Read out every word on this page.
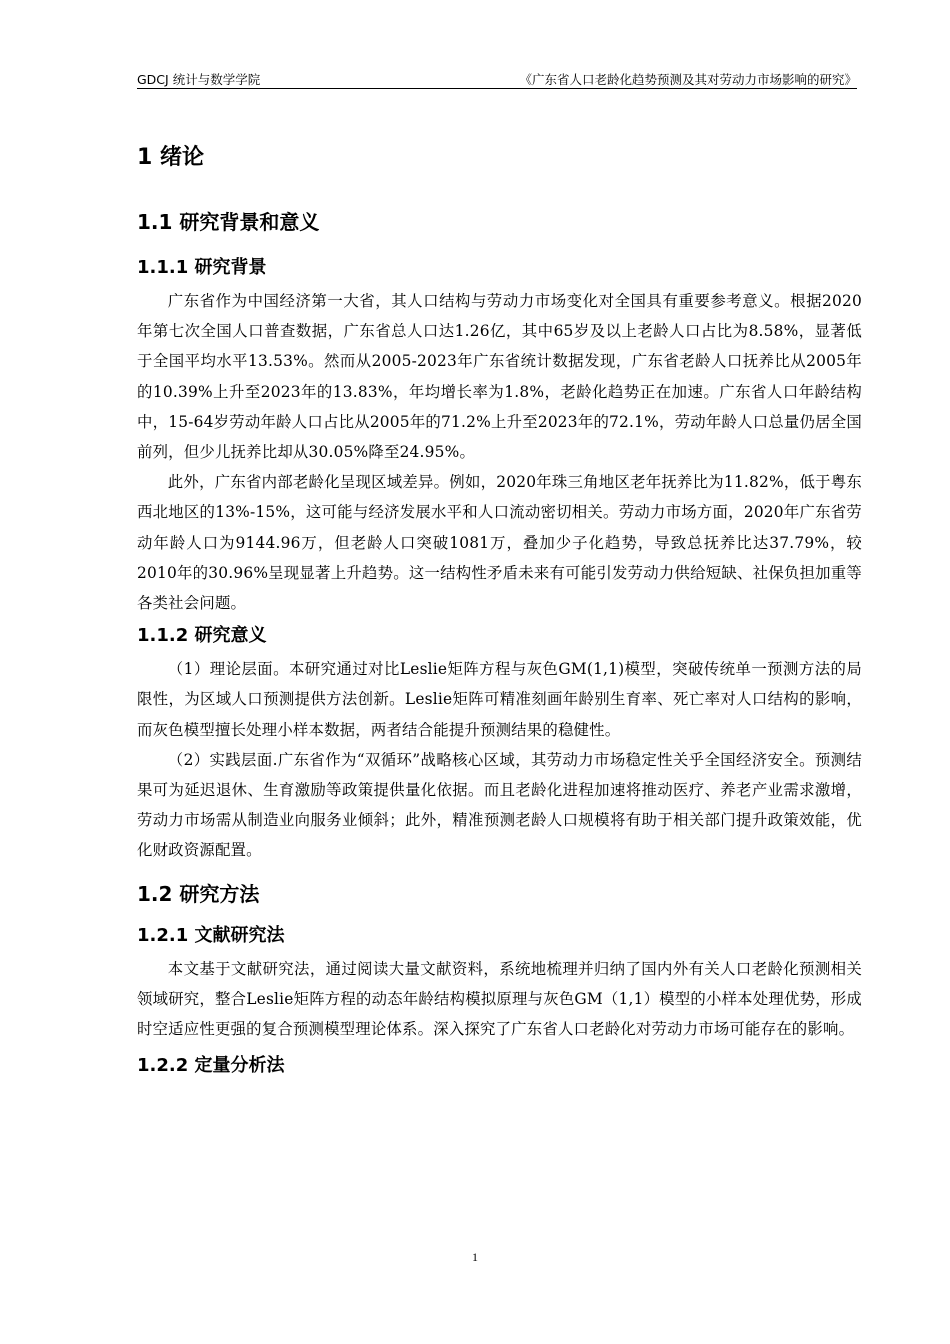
GDCJ 统计与数学学院	《广东省人口老龄化趋势预测及其对劳动力市场影响的研究》
1 绪论
1.1 研究背景和意义
1.1.1 研究背景

广东省作为中国经济第一大省，其人口结构与劳动力市场变化对全国具有重要参考意义。根据2020年第七次全国人口普查数据，广东省总人口达1.26亿，其中65岁及以上老龄人口占比为8.58%，显著低于全国平均水平13.53%。然而从2005-2023年广东省统计数据发现，广东省老龄人口抚养比从2005年的10.39%上升至2023年的13.83%，年均增长率为1.8%，老龄化趋势正在加速。广东省人口年龄结构中，15-64岁劳动年龄人口占比从2005年的71.2%上升至2023年的72.1%，劳动年龄人口总量仍居全国前列，但少儿抚养比却从30.05%降至24.95%。

此外，广东省内部老龄化呈现区域差异。例如，2020年珠三角地区老年抚养比为11.82%，低于粤东西北地区的13%-15%，这可能与经济发展水平和人口流动密切相关。劳动力市场方面，2020年广东省劳动年龄人口为9144.96万，但老龄人口突破1081万，叠加少子化趋势，导致总抚养比达37.79%，较2010年的30.96%呈现显著上升趋势。这一结构性矛盾未来有可能引发劳动力供给短缺、社保负担加重等各类社会问题。

1.1.2 研究意义

（1）理论层面。本研究通过对比Leslie矩阵方程与灰色GM(1,1)模型，突破传统单一预测方法的局限性，为区域人口预测提供方法创新。Leslie矩阵可精准刻画年龄别生育率、死亡率对人口结构的影响，而灰色模型擅长处理小样本数据，两者结合能提升预测结果的稳健性。

（2）实践层面.广东省作为“双循环”战略核心区域，其劳动力市场稳定性关乎全国经济安全。预测结果可为延迟退休、生育激励等政策提供量化依据。而且老龄化进程加速将推动医疗、养老产业需求激增，劳动力市场需从制造业向服务业倾斜；此外，精准预测老龄人口规模将有助于相关部门提升政策效能，优化财政资源配置。

1.2 研究方法
1.2.1 文献研究法

本文基于文献研究法，通过阅读大量文献资料，系统地梳理并归纳了国内外有关人口老龄化预测相关领域研究，整合Leslie矩阵方程的动态年龄结构模拟原理与灰色GM（1,1）模型的小样本处理优势，形成时空适应性更强的复合预测模型理论体系。深入探究了广东省人口老龄化对劳动力市场可能存在的影响。

1.2.2 定量分析法
1
